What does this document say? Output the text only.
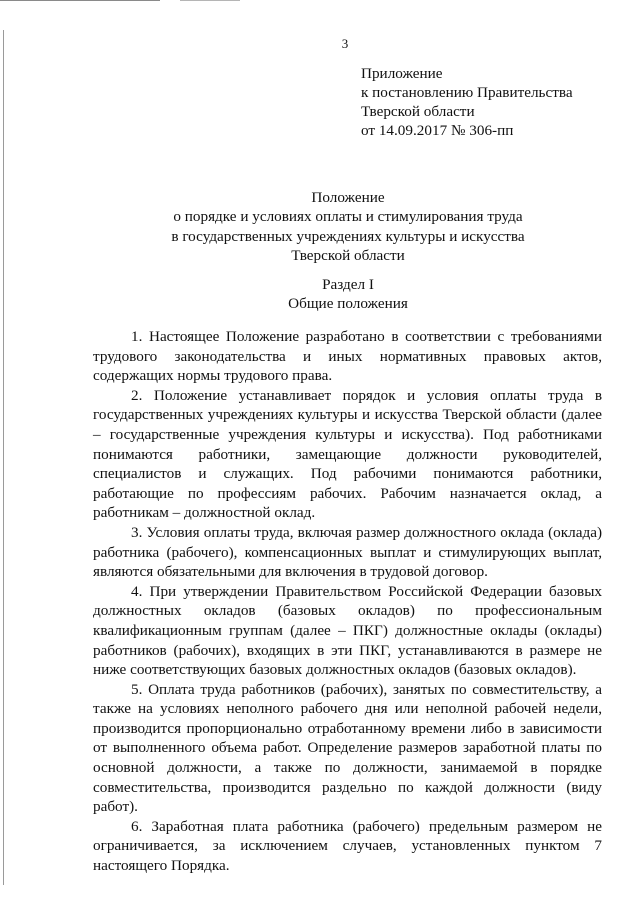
3
Приложение
к постановлению Правительства
Тверской области
от 14.09.2017 № 306-пп
Положение
о порядке и условиях оплаты и стимулирования труда
в государственных учреждениях культуры и искусства
Тверской области
Раздел I
Общие положения

1. Настоящее Положение разработано в соответствии с требованиями трудового законодательства и иных нормативных правовых актов, содержащих нормы трудового права.

2. Положение устанавливает порядок и условия оплаты труда в государственных учреждениях культуры и искусства Тверской области (далее – государственные учреждения культуры и искусства). Под работниками понимаются работники, замещающие должности руководителей, специалистов и служащих. Под рабочими понимаются работники, работающие по профессиям рабочих. Рабочим назначается оклад, а работникам – должностной оклад.

3. Условия оплаты труда, включая размер должностного оклада (оклада) работника (рабочего), компенсационных выплат и стимулирующих выплат, являются обязательными для включения в трудовой договор.

4. При утверждении Правительством Российской Федерации базовых должностных окладов (базовых окладов) по профессиональным квалификационным группам (далее – ПКГ) должностные оклады (оклады) работников (рабочих), входящих в эти ПКГ, устанавливаются в размере не ниже соответствующих базовых должностных окладов (базовых окладов).

5. Оплата труда работников (рабочих), занятых по совместительству, а также на условиях неполного рабочего дня или неполной рабочей недели, производится пропорционально отработанному времени либо в зависимости от выполненного объема работ. Определение размеров заработной платы по основной должности, а также по должности, занимаемой в порядке совместительства, производится раздельно по каждой должности (виду работ).

6. Заработная плата работника (рабочего) предельным размером не ограничивается, за исключением случаев, установленных пунктом 7 настоящего Порядка.
